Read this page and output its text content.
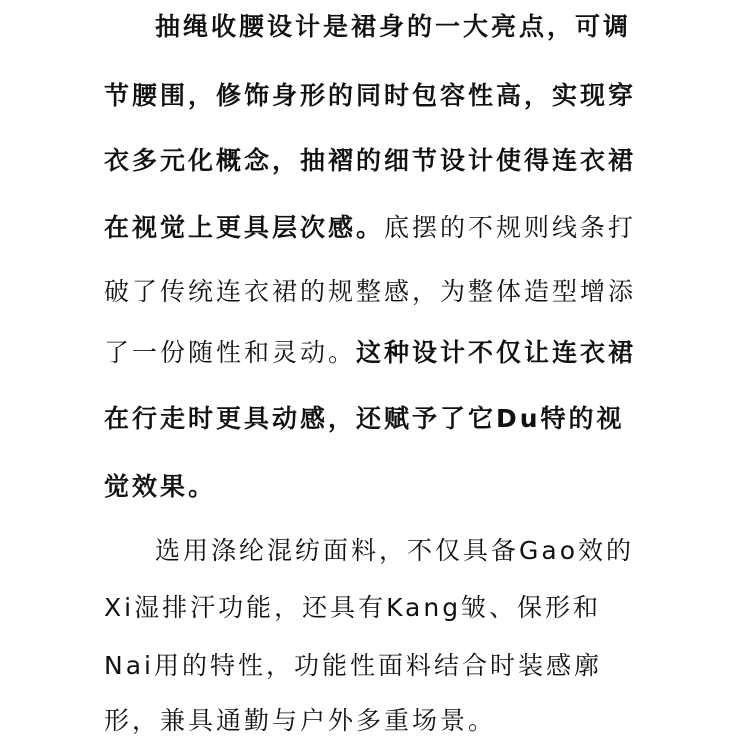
抽绳收腰设计是裙身的一大亮点，可调
节腰围，修饰身形的同时包容性高，实现穿
衣多元化概念，抽褶的细节设计使得连衣裙
在视觉上更具层次感。底摆的不规则线条打
破了传统连衣裙的规整感，为整体造型增添
了一份随性和灵动。这种设计不仅让连衣裙
在行走时更具动感，还赋予了它Du特的视
觉效果。
选用涤纶混纺面料，不仅具备Gao效的
Xi湿排汗功能，还具有Kang皱、保形和
Nai用的特性，功能性面料结合时装感廓
形，兼具通勤与户外多重场景。
